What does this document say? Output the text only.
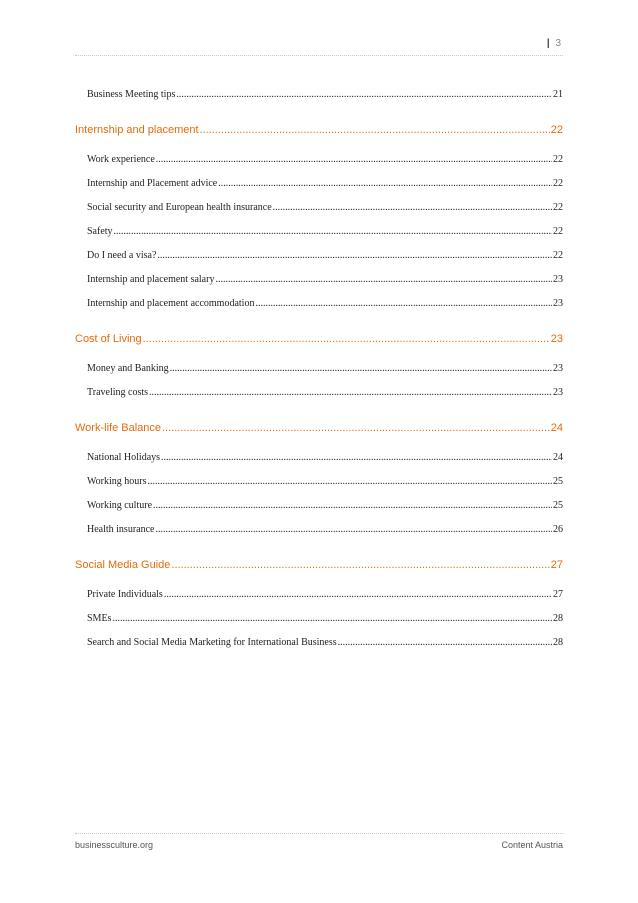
| 3
Business Meeting tips .....	21
Internship and placement .....	22
Work experience .....	22
Internship and Placement advice .....	22
Social security and European health insurance .....	22
Safety .....	22
Do I need a visa? .....	22
Internship and placement salary .....	23
Internship and placement accommodation .....	23
Cost of Living .....	23
Money and Banking .....	23
Traveling costs .....	23
Work-life Balance .....	24
National Holidays .....	24
Working hours .....	25
Working culture .....	25
Health insurance .....	26
Social Media Guide .....	27
Private Individuals .....	27
SMEs .....	28
Search and Social Media Marketing for International Business .....	28
businessculture.org	Content Austria
